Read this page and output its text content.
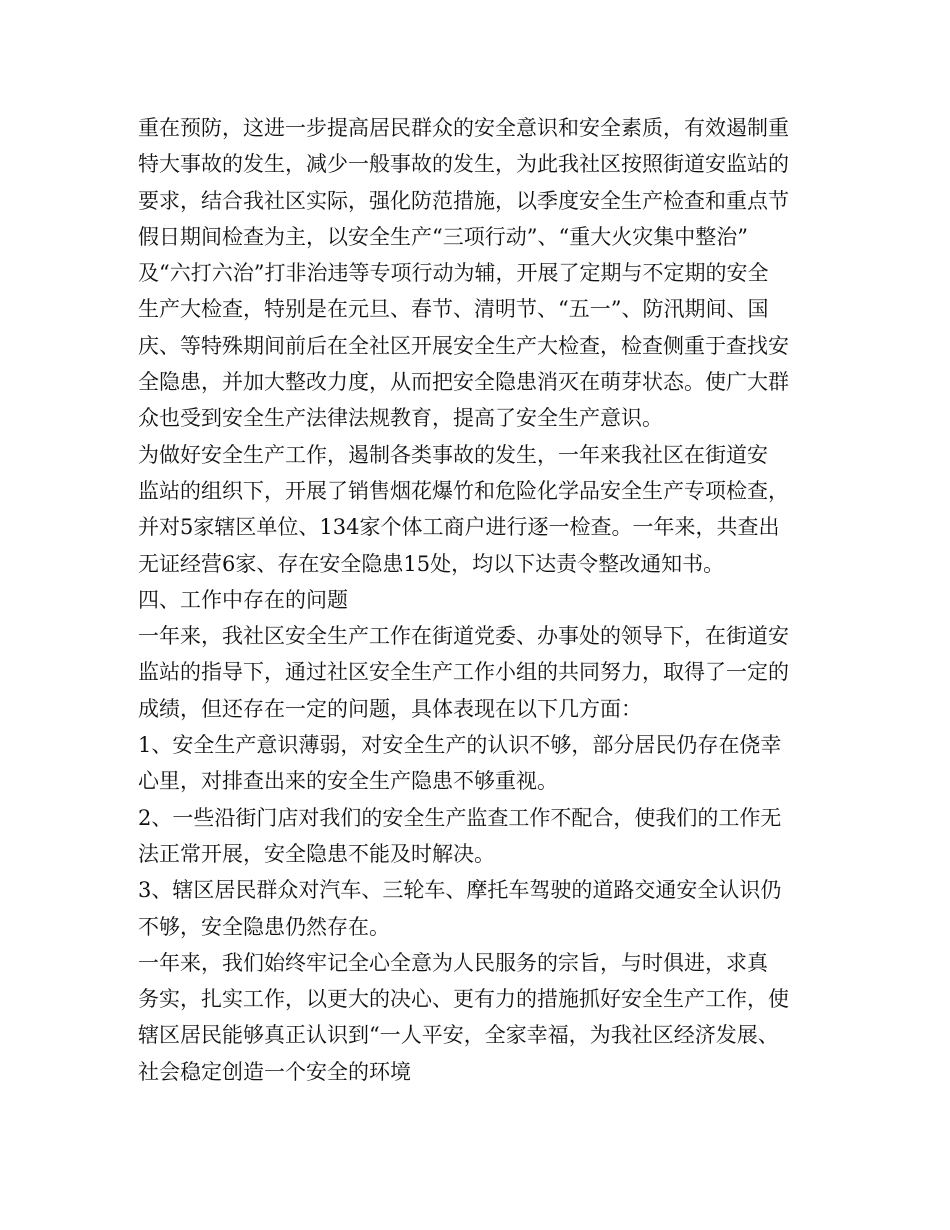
重在预防，这进一步提高居民群众的安全意识和安全素质，有效遏制重
特大事故的发生，减少一般事故的发生，为此我社区按照街道安监站的
要求，结合我社区实际，强化防范措施，以季度安全生产检查和重点节
假日期间检查为主，以安全生产“三项行动”、“重大火灾集中整治”
及“六打六治”打非治违等专项行动为辅，开展了定期与不定期的安全
生产大检查，特别是在元旦、春节、清明节、“五一”、防汛期间、国
庆、等特殊期间前后在全社区开展安全生产大检查，检查侧重于查找安
全隐患，并加大整改力度，从而把安全隐患消灭在萌芽状态。使广大群
众也受到安全生产法律法规教育，提高了安全生产意识。
为做好安全生产工作，遏制各类事故的发生，一年来我社区在街道安
监站的组织下，开展了销售烟花爆竹和危险化学品安全生产专项检查，
并对5家辖区单位、134家个体工商户进行逐一检查。一年来，共查出
无证经营6家、存在安全隐患15处，均以下达责令整改通知书。
四、工作中存在的问题
一年来，我社区安全生产工作在街道党委、办事处的领导下，在街道安
监站的指导下，通过社区安全生产工作小组的共同努力，取得了一定的
成绩，但还存在一定的问题，具体表现在以下几方面：
1、安全生产意识薄弱，对安全生产的认识不够，部分居民仍存在侥幸
心里，对排查出来的安全生产隐患不够重视。
2、一些沿街门店对我们的安全生产监查工作不配合，使我们的工作无
法正常开展，安全隐患不能及时解决。
3、辖区居民群众对汽车、三轮车、摩托车驾驶的道路交通安全认识仍
不够，安全隐患仍然存在。
一年来，我们始终牢记全心全意为人民服务的宗旨，与时俱进，求真
务实，扎实工作，以更大的决心、更有力的措施抓好安全生产工作，使
辖区居民能够真正认识到“一人平安，全家幸福，为我社区经济发展、
社会稳定创造一个安全的环境
